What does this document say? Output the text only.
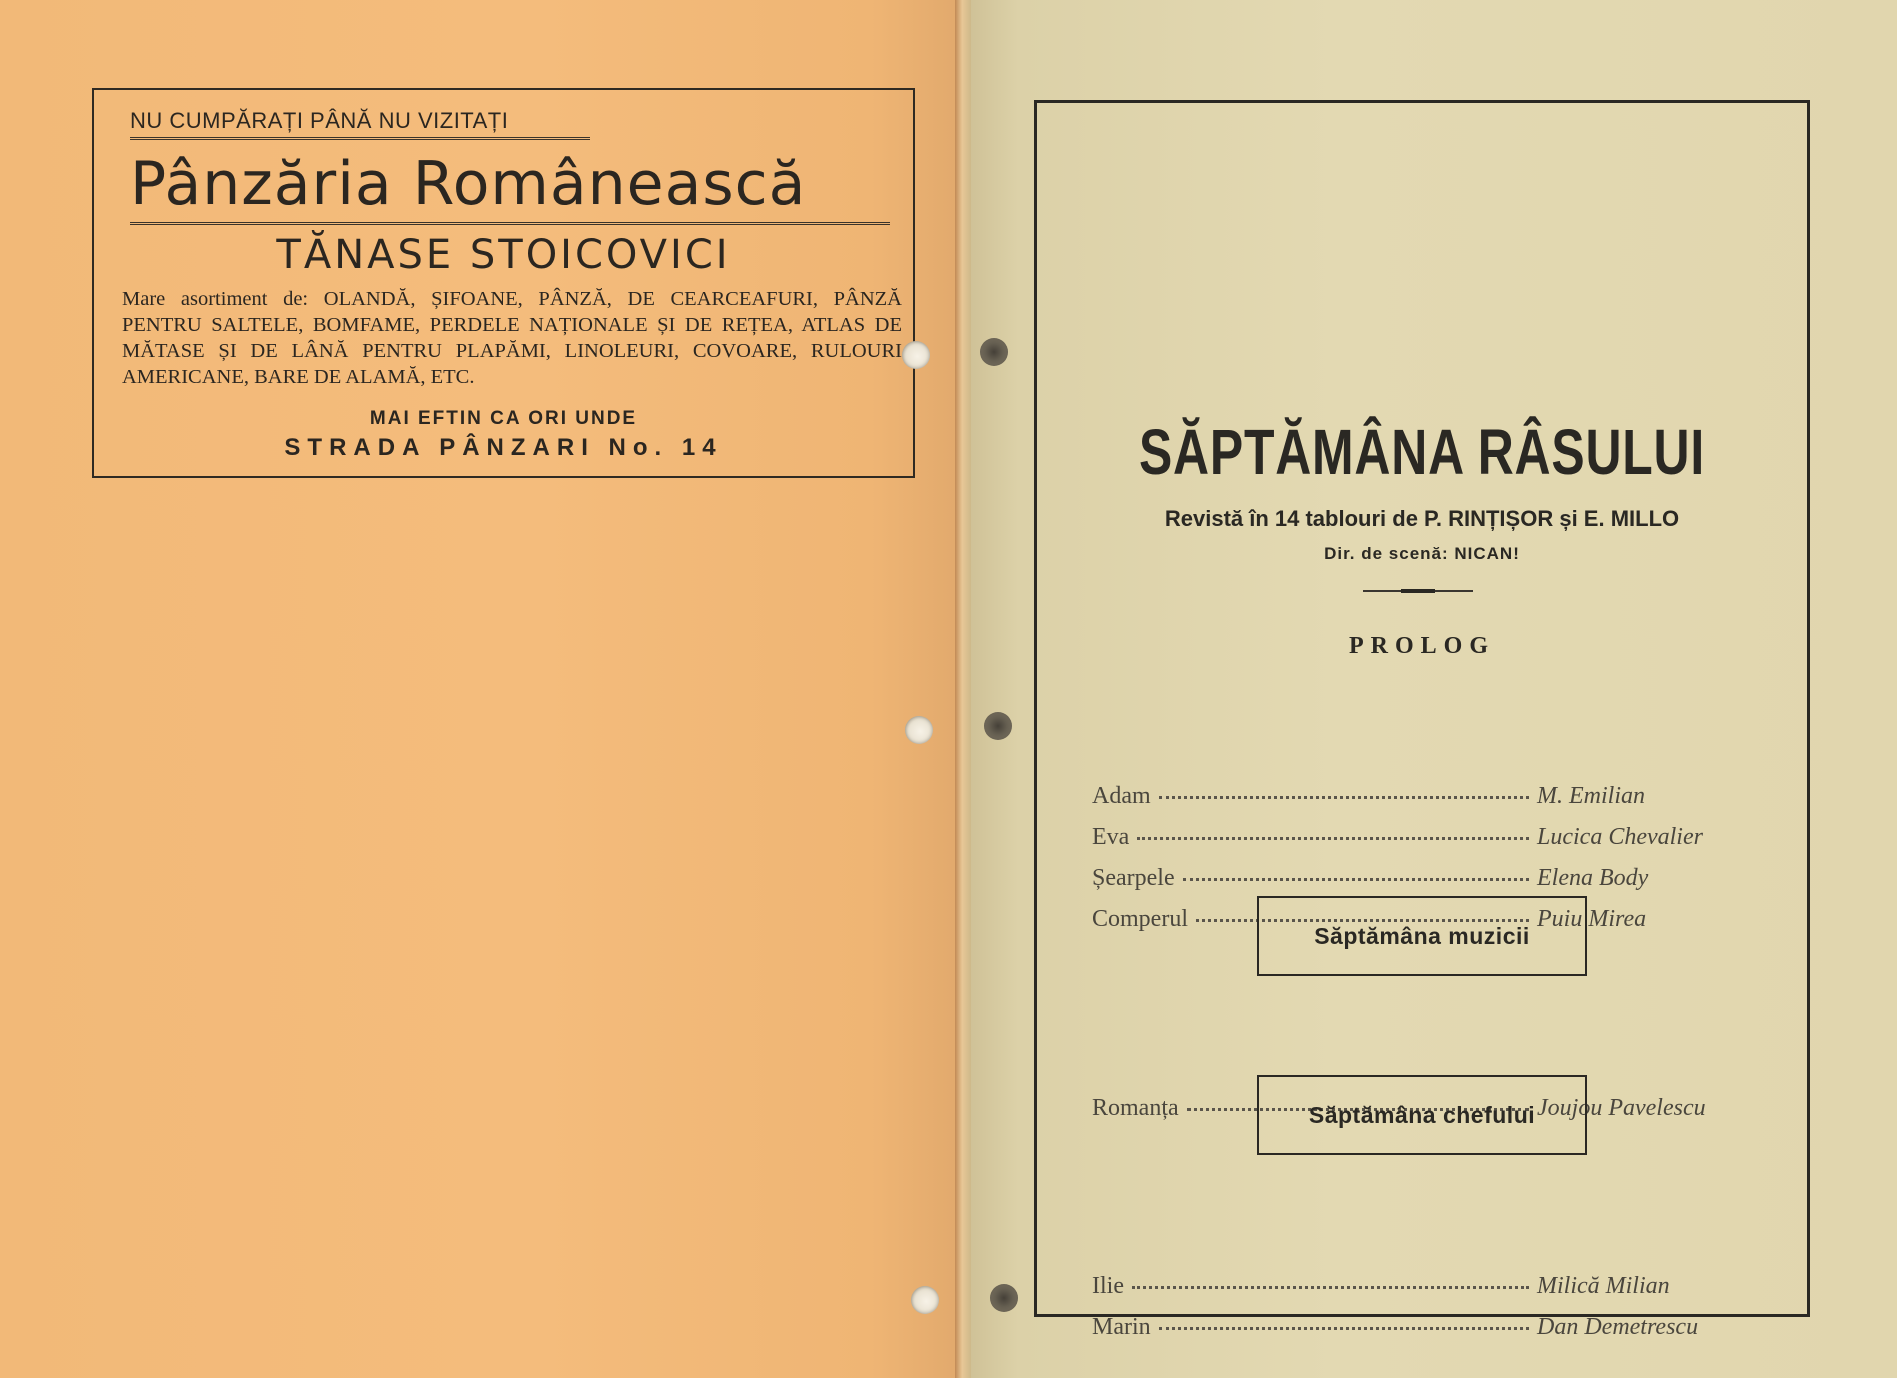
NU CUMPĂRAȚI PÂNĂ NU VIZITAȚI
Pânzăria Românească
TĂNASE STOICOVICI
Mare asortiment de: OLANDĂ, ȘIFOANE, PÂNZĂ, DE CEARCEAFURI, PÂNZĂ PENTRU SALTELE, BOMFAME, PERDELE NAȚIONALE ȘI DE REȚEA, ATLAS DE MĂTASE ȘI DE LÂNĂ PENTRU PLAPĂMI, LINOLEURI, COVOARE, RULOURI AMERICANE, BARE DE ALAMĂ, ETC.
MAI EFTIN CA ORI UNDE
STRADA PÂNZARI No. 14	SĂPTĂMÂNA RÂSULUI
Revistă în 14 tablouri de P. RINȚIȘOR și E. MILLO
Dir. de scenă: NICAN!
PROLOG
Adam	M. Emilian
Eva	Lucica Chevalier
Șearpele	Elena Body
Comperul	Puiu Mirea
Săptămâna muzicii
Romanța	Joujou Pavelescu
Săptămâna chefului
Ilie	Milică Milian
Marin	Dan Demetrescu
